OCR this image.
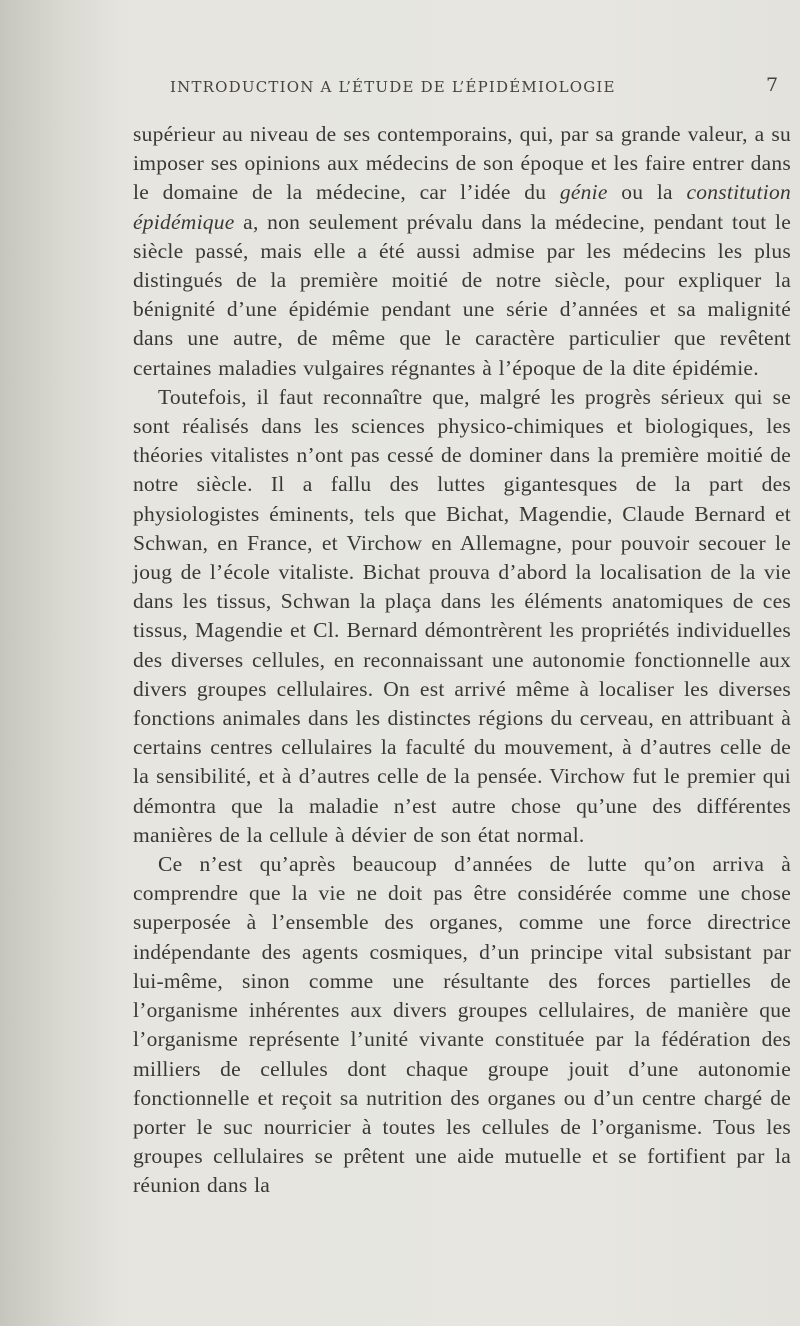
INTRODUCTION A L’ÉTUDE DE L’ÉPIDÉMIOLOGIE	7

supérieur au niveau de ses contemporains, qui, par sa grande valeur, a su imposer ses opinions aux médecins de son époque et les faire entrer dans le domaine de la médecine, car l’idée du génie ou la constitution épidémique a, non seulement prévalu dans la médecine, pendant tout le siècle passé, mais elle a été aussi admise par les médecins les plus distingués de la première moitié de notre siècle, pour expliquer la bénignité d’une épidémie pendant une série d’années et sa malignité dans une autre, de même que le caractère particulier que revêtent certaines maladies vulgaires régnantes à l’époque de la dite épidémie.

Toutefois, il faut reconnaître que, malgré les progrès sérieux qui se sont réalisés dans les sciences physico-chimiques et biologiques, les théories vitalistes n’ont pas cessé de dominer dans la première moitié de notre siècle. Il a fallu des luttes gigantesques de la part des physiologistes éminents, tels que Bichat, Magendie, Claude Bernard et Schwan, en France, et Virchow en Allemagne, pour pouvoir secouer le joug de l’école vitaliste. Bichat prouva d’abord la localisation de la vie dans les tissus, Schwan la plaça dans les éléments anatomiques de ces tissus, Magendie et Cl. Bernard démontrèrent les propriétés individuelles des diverses cellules, en reconnaissant une autonomie fonctionnelle aux divers groupes cellulaires. On est arrivé même à localiser les diverses fonctions animales dans les distinctes régions du cerveau, en attribuant à certains centres cellulaires la faculté du mouvement, à d’autres celle de la sensibilité, et à d’autres celle de la pensée. Virchow fut le premier qui démontra que la maladie n’est autre chose qu’une des différentes manières de la cellule à dévier de son état normal.

Ce n’est qu’après beaucoup d’années de lutte qu’on arriva à comprendre que la vie ne doit pas être considérée comme une chose superposée à l’ensemble des organes, comme une force directrice indépendante des agents cosmiques, d’un principe vital subsistant par lui-même, sinon comme une résultante des forces partielles de l’organisme inhérentes aux divers groupes cellulaires, de manière que l’organisme représente l’unité vivante constituée par la fédération des milliers de cellules dont chaque groupe jouit d’une autonomie fonctionnelle et reçoit sa nutrition des organes ou d’un centre chargé de porter le suc nourricier à toutes les cellules de l’organisme. Tous les groupes cellulaires se prêtent une aide mutuelle et se fortifient par la réunion dans la
